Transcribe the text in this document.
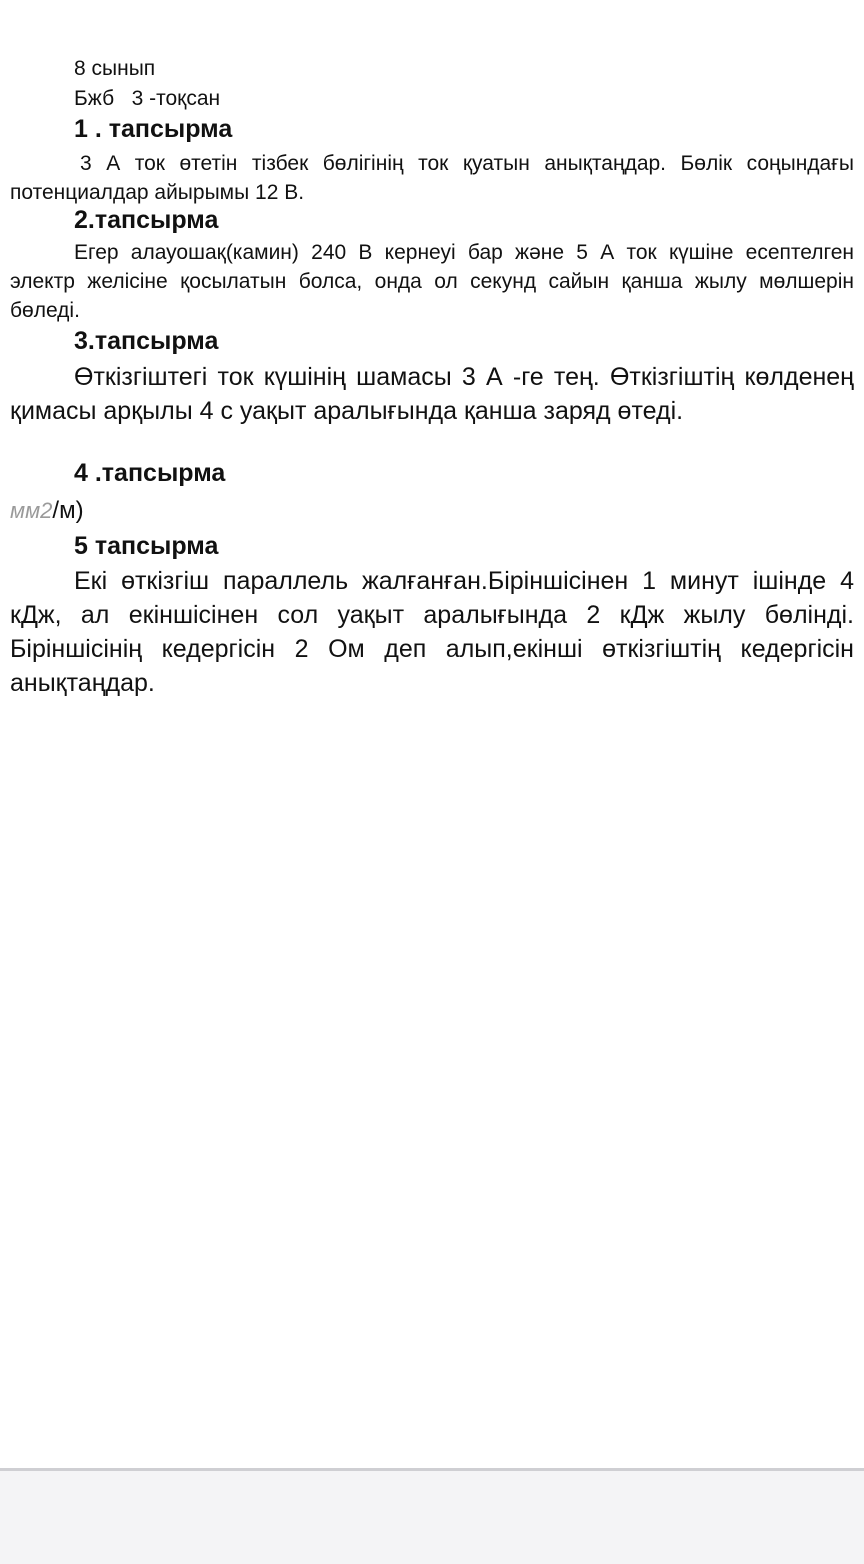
8 сынып
Бжб   3 -тоқсан
1 . тапсырма
3 А ток өтетін тізбек бөлігінің ток қуатын анықтаңдар. Бөлік соңындағы потенциалдар айырымы 12 В.
2.тапсырма
Егер алауошақ(камин) 240 В кернеуі бар және 5 А ток күшіне есептелген электр желісіне қосылатын болса, онда ол секунд сайын қанша жылу мөлшерін бөледі.
3.тапсырма
Өткізгіштегі ток күшінің шамасы 3 А -ге тең. Өткізгіштің көлденең қимасы арқылы 4 с уақыт аралығында қанша заряд өтеді.
4 .тапсырма
мм2/м)
5 тапсырма
Екі өткізгіш параллель жалғанған.Біріншісінен 1 минут ішінде 4 кДж, ал екіншісінен сол уақыт аралығында 2 кДж жылу бөлінді. Біріншісінің кедергісін 2 Ом деп алып,екінші өткізгіштің кедергісін анықтаңдар.
